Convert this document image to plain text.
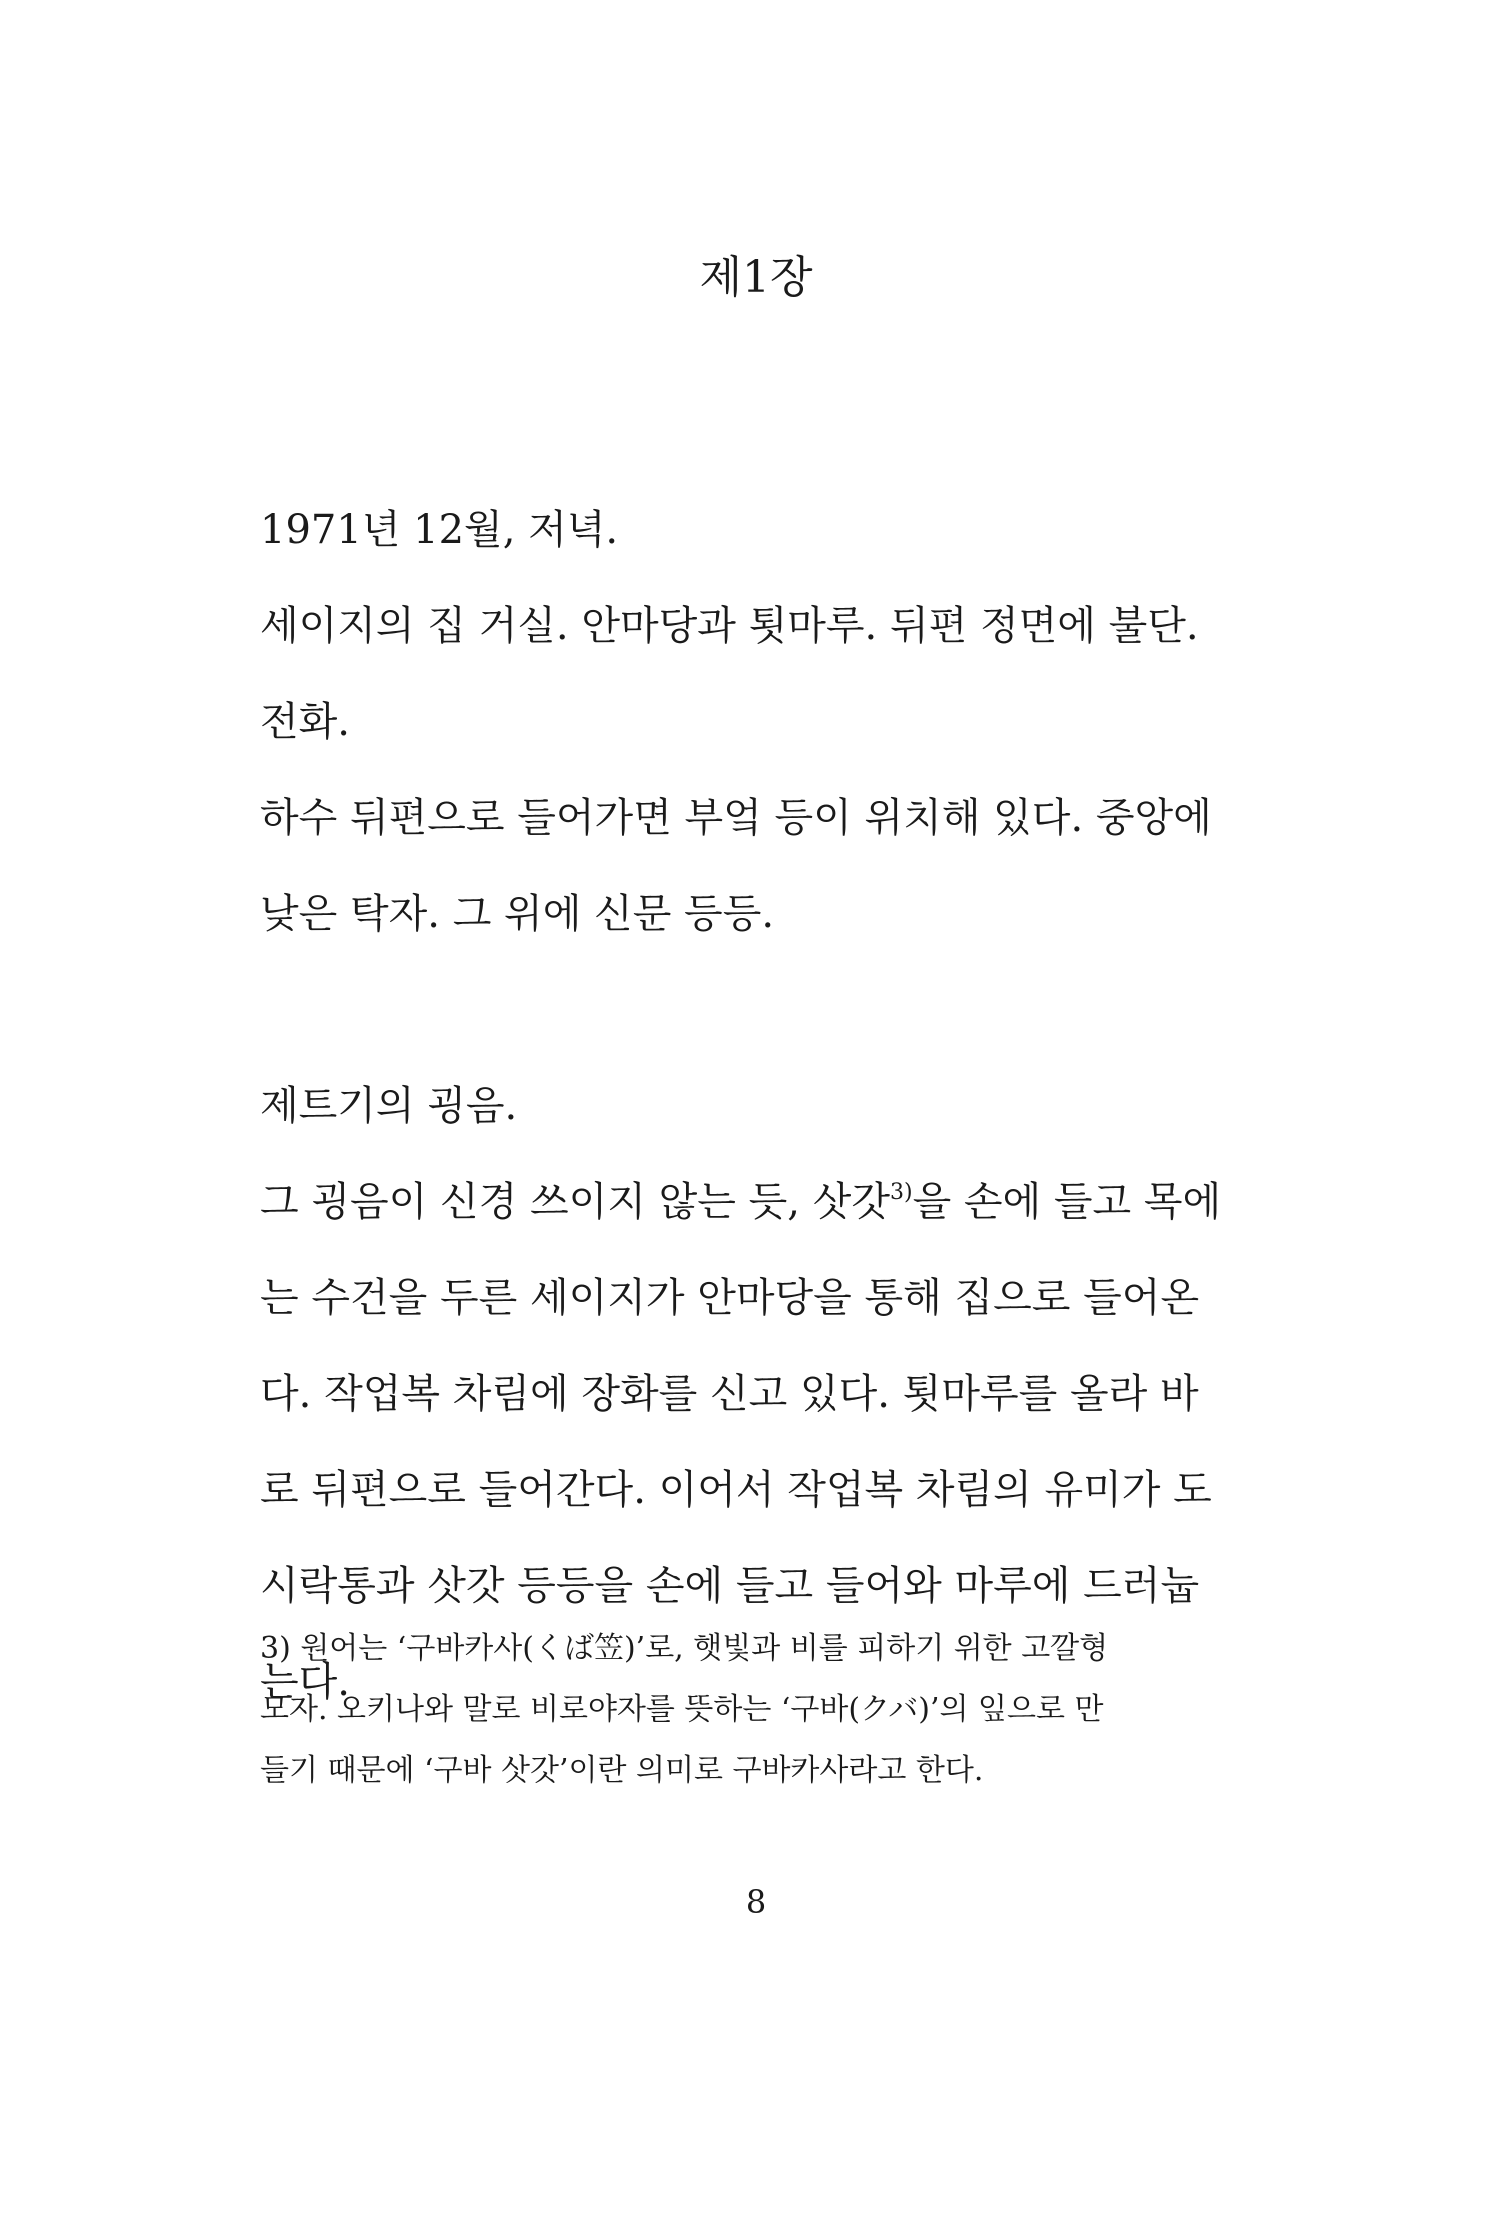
제1장

1971년 12월, 저녁.

세이지의 집 거실. 안마당과 툇마루. 뒤편 정면에 불단.

전화.

하수 뒤편으로 들어가면 부엌 등이 위치해 있다. 중앙에

낮은 탁자. 그 위에 신문 등등.

제트기의 굉음.

그 굉음이 신경 쓰이지 않는 듯, 삿갓$^{3)}$을 손에 들고 목에

는 수건을 두른 세이지가 안마당을 통해 집으로 들어온

다. 작업복 차림에 장화를 신고 있다. 툇마루를 올라 바

로 뒤편으로 들어간다. 이어서 작업복 차림의 유미가 도

시락통과 삿갓 등등을 손에 들고 들어와 마루에 드러눕

는다.

3) 원어는 ‘구바카사(くば笠)’로, 햇빛과 비를 피하기 위한 고깔형

모자. 오키나와 말로 비로야자를 뜻하는 ‘구바(クバ)’의 잎으로 만

들기 때문에 ‘구바 삿갓’이란 의미로 구바카사라고 한다.

8
